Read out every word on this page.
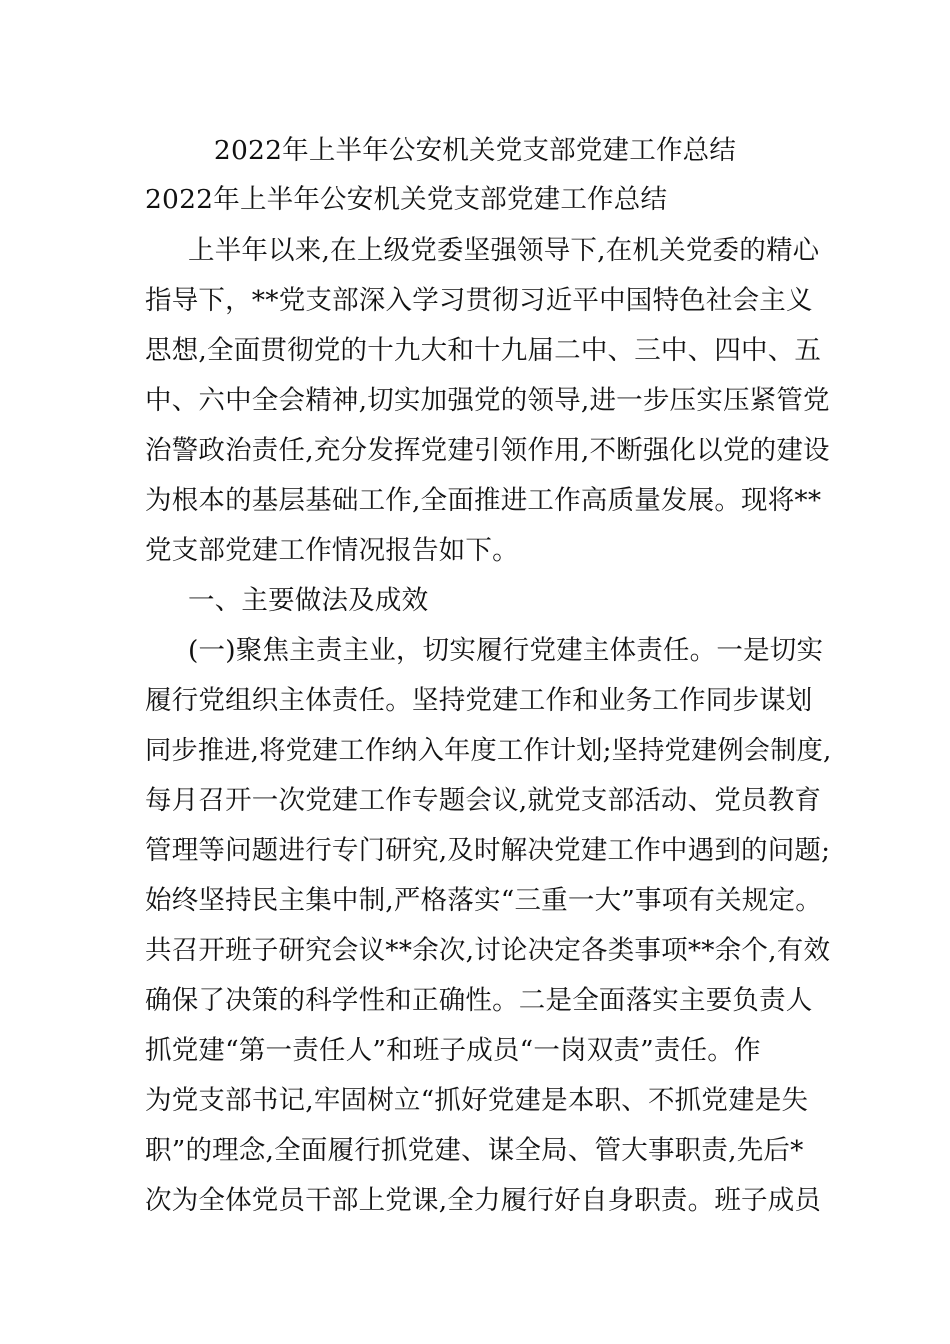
2022年上半年公安机关党支部党建工作总结
2022年上半年公安机关党支部党建工作总结
上半年以来,在上级党委坚强领导下,在机关党委的精心
指导下，**党支部深入学习贯彻习近平中国特色社会主义
思想,全面贯彻党的十九大和十九届二中、三中、四中、五
中、六中全会精神,切实加强党的领导,进一步压实压紧管党
治警政治责任,充分发挥党建引领作用,不断强化以党的建设
为根本的基层基础工作,全面推进工作高质量发展。现将**
党支部党建工作情况报告如下。
一、主要做法及成效
(一)聚焦主责主业，切实履行党建主体责任。一是切实
履行党组织主体责任。坚持党建工作和业务工作同步谋划
同步推进,将党建工作纳入年度工作计划;坚持党建例会制度,
每月召开一次党建工作专题会议,就党支部活动、党员教育
管理等问题进行专门研究,及时解决党建工作中遇到的问题;
始终坚持民主集中制,严格落实“三重一大”事项有关规定。
共召开班子研究会议**余次,讨论决定各类事项**余个,有效
确保了决策的科学性和正确性。二是全面落实主要负责人
抓党建“第一责任人”和班子成员“一岗双责”责任。作
为党支部书记,牢固树立“抓好党建是本职、不抓党建是失
职”的理念,全面履行抓党建、谋全局、管大事职责,先后*
次为全体党员干部上党课,全力履行好自身职责。班子成员
